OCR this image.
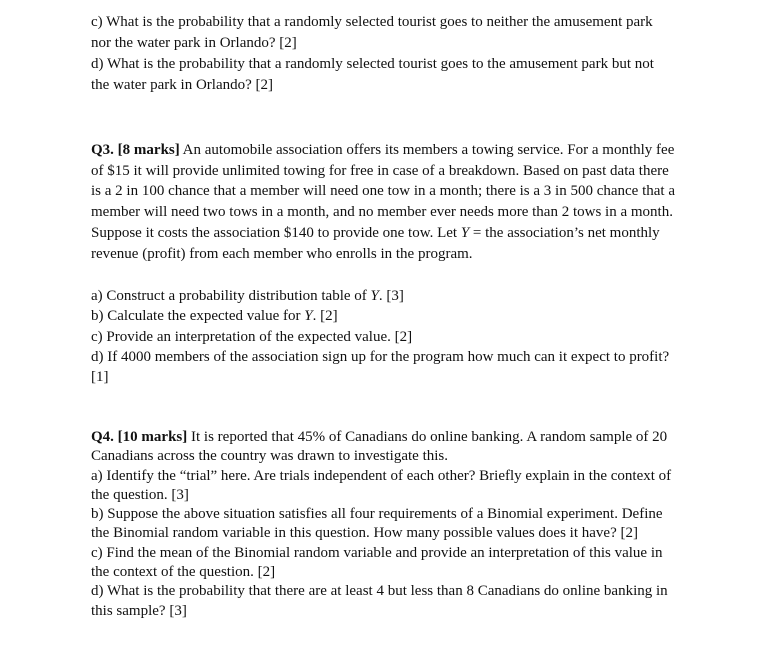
c) What is the probability that a randomly selected tourist goes to neither the amusement park
nor the water park in Orlando? [2]
d) What is the probability that a randomly selected tourist goes to the amusement park but not
the water park in Orlando? [2]
Q3. [8 marks] An automobile association offers its members a towing service. For a monthly fee
of $15 it will provide unlimited towing for free in case of a breakdown. Based on past data there
is a 2 in 100 chance that a member will need one tow in a month; there is a 3 in 500 chance that a
member will need two tows in a month, and no member ever needs more than 2 tows in a month.
Suppose it costs the association $140 to provide one tow. Let Y = the association’s net monthly
revenue (profit) from each member who enrolls in the program.
a) Construct a probability distribution table of Y. [3]
b) Calculate the expected value for Y. [2]
c) Provide an interpretation of the expected value. [2]
d) If 4000 members of the association sign up for the program how much can it expect to profit?
[1]
Q4. [10 marks] It is reported that 45% of Canadians do online banking. A random sample of 20
Canadians across the country was drawn to investigate this.
a) Identify the “trial” here. Are trials independent of each other? Briefly explain in the context of
the question. [3]
b) Suppose the above situation satisfies all four requirements of a Binomial experiment. Define
the Binomial random variable in this question. How many possible values does it have? [2]
c) Find the mean of the Binomial random variable and provide an interpretation of this value in
the context of the question. [2]
d) What is the probability that there are at least 4 but less than 8 Canadians do online banking in
this sample? [3]
